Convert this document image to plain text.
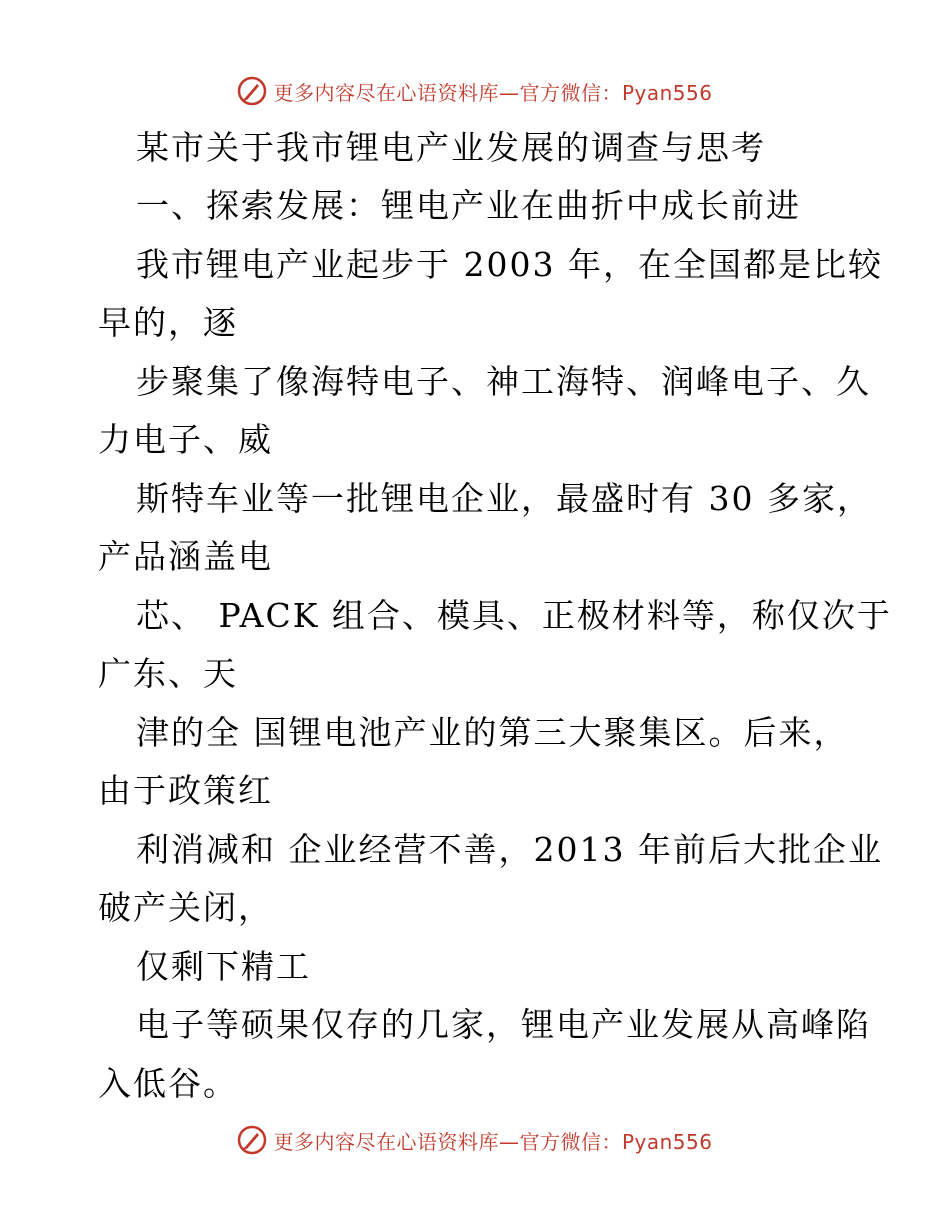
更多内容尽在心语资料库—官方微信：Pyan556
某市关于我市锂电产业发展的调查与思考
一、探索发展：锂电产业在曲折中成长前进
我市锂电产业起步于 2003 年，在全国都是比较
早的，逐
步聚集了像海特电子、神工海特、润峰电子、久
力电子、威
斯特车业等一批锂电企业，最盛时有 30 多家，
产品涵盖电
芯、 PACK 组合、模具、正极材料等，称仅次于
广东、天
津的全 国锂电池产业的第三大聚集区。后来，
由于政策红
利消减和 企业经营不善，2013 年前后大批企业
破产关闭，
仅剩下精工
电子等硕果仅存的几家，锂电产业发展从高峰陷
入低谷。
更多内容尽在心语资料库—官方微信：Pyan556
